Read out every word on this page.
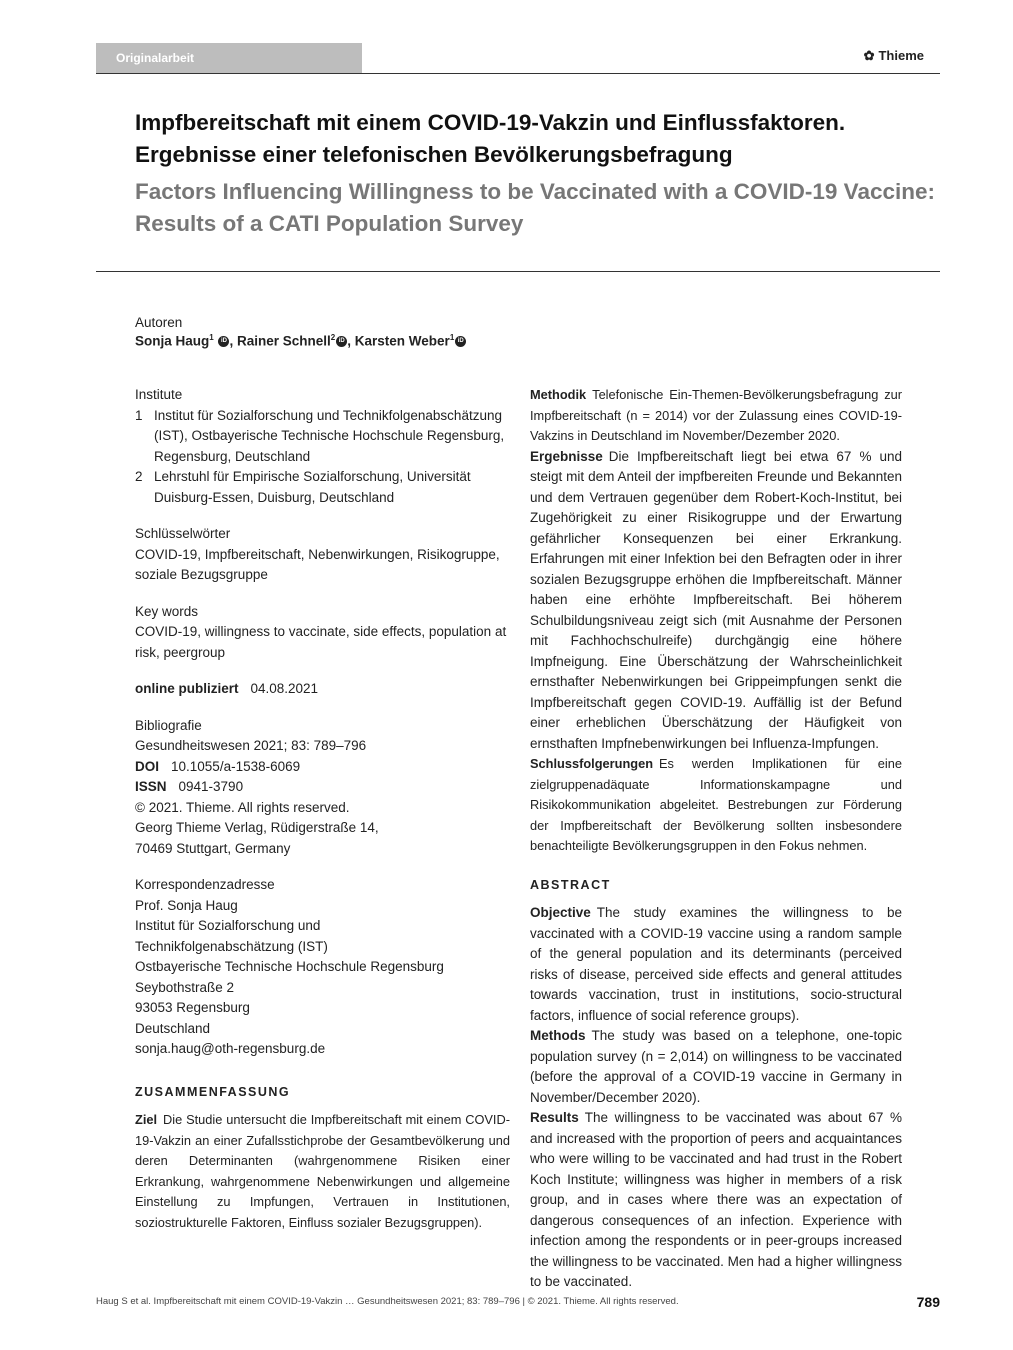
Originalarbeit	✿ Thieme
Impfbereitschaft mit einem COVID-19-Vakzin und Einflussfaktoren. Ergebnisse einer telefonischen Bevölkerungsbefragung
Factors Influencing Willingness to be Vaccinated with a COVID-19 Vaccine: Results of a CATI Population Survey
Autoren
Sonja Haug$^1$ iD , Rainer Schnell$^2$ iD , Karsten Weber$^1$ iD
Institute
1 Institut für Sozialforschung und Technikfolgenabschätzung (IST), Ostbayerische Technische Hochschule Regensburg, Regensburg, Deutschland
2 Lehrstuhl für Empirische Sozialforschung, Universität Duisburg-Essen, Duisburg, Deutschland
Schlüsselwörter
COVID-19, Impfbereitschaft, Nebenwirkungen, Risikogruppe, soziale Bezugsgruppe
Key words
COVID-19, willingness to vaccinate, side effects, population at risk, peergroup
online publiziert 04.08.2021
Bibliografie
Gesundheitswesen 2021; 83: 789–796
DOI 10.1055/a-1538-6069
ISSN 0941-3790
© 2021. Thieme. All rights reserved.
Georg Thieme Verlag, Rüdigerstraße 14,
70469 Stuttgart, Germany
Korrespondenzadresse
Prof. Sonja Haug
Institut für Sozialforschung und
Technikfolgenabschätzung (IST)
Ostbayerische Technische Hochschule Regensburg
Seybothstraße 2
93053 Regensburg
Deutschland
sonja.haug@oth-regensburg.de
ZUSAMMENFASSUNG
Ziel Die Studie untersucht die Impfbereitschaft mit einem COVID-19-Vakzin an einer Zufallsstichprobe der Gesamtbevölkerung und deren Determinanten (wahrgenommene Risiken einer Erkrankung, wahrgenommene Nebenwirkungen und allgemeine Einstellung zu Impfungen, Vertrauen in Institutionen, soziostrukturelle Faktoren, Einfluss sozialer Bezugsgruppen).
Methodik Telefonische Ein-Themen-Bevölkerungsbefragung zur Impfbereitschaft (n = 2014) vor der Zulassung eines COVID-19-Vakzins in Deutschland im November/Dezember 2020.
Ergebnisse Die Impfbereitschaft liegt bei etwa 67 % und steigt mit dem Anteil der impfbereiten Freunde und Bekannten und dem Vertrauen gegenüber dem Robert-Koch-Institut, bei Zugehörigkeit zu einer Risikogruppe und der Erwartung gefährlicher Konsequenzen bei einer Erkrankung. Erfahrungen mit einer Infektion bei den Befragten oder in ihrer sozialen Bezugsgruppe erhöhen die Impfbereitschaft. Männer haben eine erhöhte Impfbereitschaft. Bei höherem Schulbildungsniveau zeigt sich (mit Ausnahme der Personen mit Fachhochschulreife) durchgängig eine höhere Impfneigung. Eine Überschätzung der Wahrscheinlichkeit ernsthafter Nebenwirkungen bei Grippeimpfungen senkt die Impfbereitschaft gegen COVID-19. Auffällig ist der Befund einer erheblichen Überschätzung der Häufigkeit von ernsthaften Impfnebenwirkungen bei Influenza-Impfungen.
Schlussfolgerungen Es werden Implikationen für eine zielgruppenadäquate Informationskampagne und Risikokommunikation abgeleitet. Bestrebungen zur Förderung der Impfbereitschaft der Bevölkerung sollten insbesondere benachteiligte Bevölkerungsgruppen in den Fokus nehmen.
ABSTRACT
Objective The study examines the willingness to be vaccinated with a COVID-19 vaccine using a random sample of the general population and its determinants (perceived risks of disease, perceived side effects and general attitudes towards vaccination, trust in institutions, socio-structural factors, influence of social reference groups).
Methods The study was based on a telephone, one-topic population survey (n = 2,014) on willingness to be vaccinated (before the approval of a COVID-19 vaccine in Germany in November/December 2020).
Results The willingness to be vaccinated was about 67 % and increased with the proportion of peers and acquaintances who were willing to be vaccinated and had trust in the Robert Koch Institute; willingness was higher in members of a risk group, and in cases where there was an expectation of dangerous consequences of an infection. Experience with infection among the respondents or in peer-groups increased the willingness to be vaccinated. Men had a higher willingness to be vaccinated.
Haug S et al. Impfbereitschaft mit einem COVID-19-Vakzin … Gesundheitswesen 2021; 83: 789–796 | © 2021. Thieme. All rights reserved.	789
